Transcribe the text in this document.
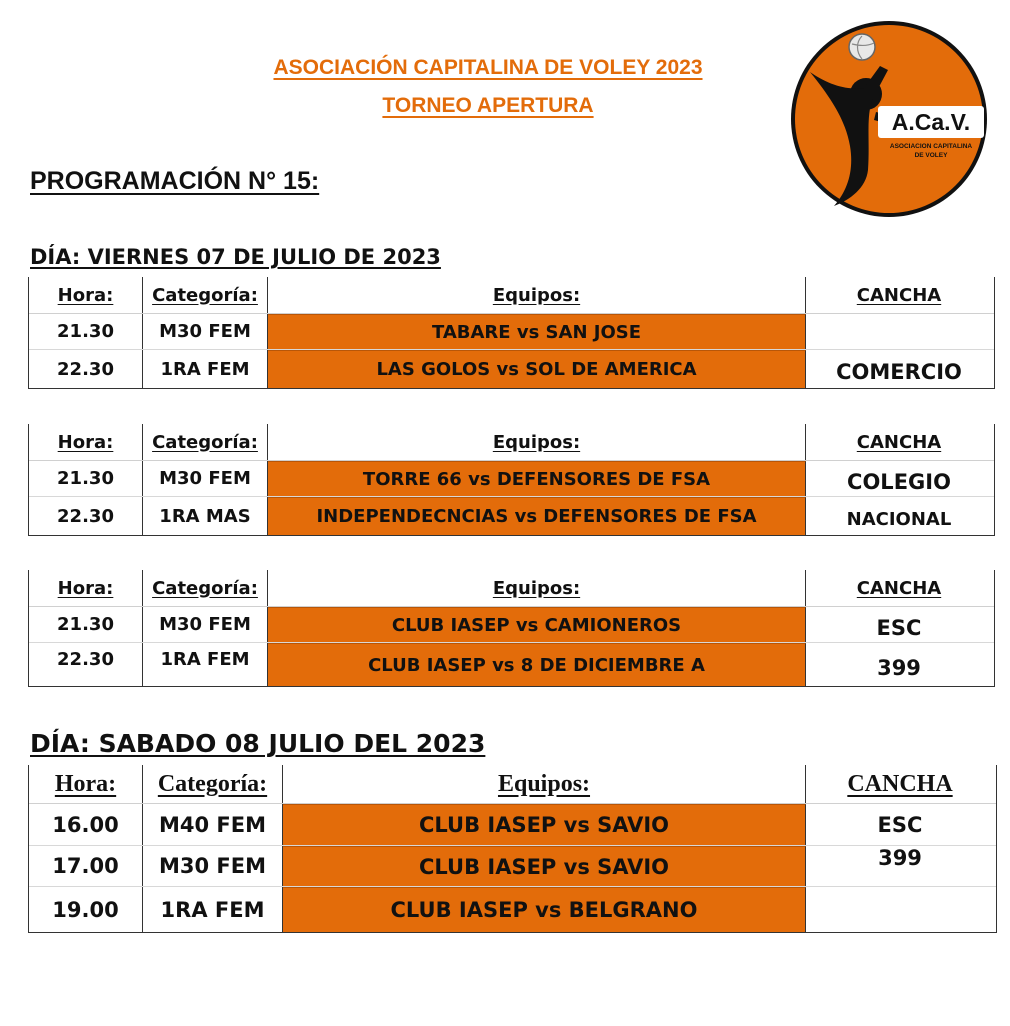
ASOCIACIÓN CAPITALINA DE VOLEY 2023
TORNEO APERTURA
PROGRAMACIÓN N° 15:
A.Ca.V.
ASOCIACION CAPITALINA
DE VOLEY
DÍA: VIERNES 07 DE JULIO DE 2023
Hora:	Categoría:	Equipos:	CANCHA
21.30	M30 FEM	TABARE vs SAN JOSE
22.30	1RA FEM	LAS GOLOS vs SOL DE AMERICA	COMERCIO
Hora:	Categoría:	Equipos:	CANCHA
21.30	M30 FEM	TORRE 66 vs DEFENSORES DE FSA	COLEGIO
22.30	1RA MAS	INDEPENDECNCIAS vs DEFENSORES DE FSA	NACIONAL
Hora:	Categoría:	Equipos:	CANCHA
21.30	M30 FEM	CLUB IASEP vs CAMIONEROS	ESC
22.30	1RA FEM	CLUB IASEP vs 8 DE DICIEMBRE A	399
DÍA: SABADO 08 JULIO DEL 2023
Hora:	Categoría:	Equipos:	CANCHA
16.00	M40 FEM	CLUB IASEP vs SAVIO	ESC
17.00	M30 FEM	CLUB IASEP vs SAVIO	399
19.00	1RA FEM	CLUB IASEP vs BELGRANO
